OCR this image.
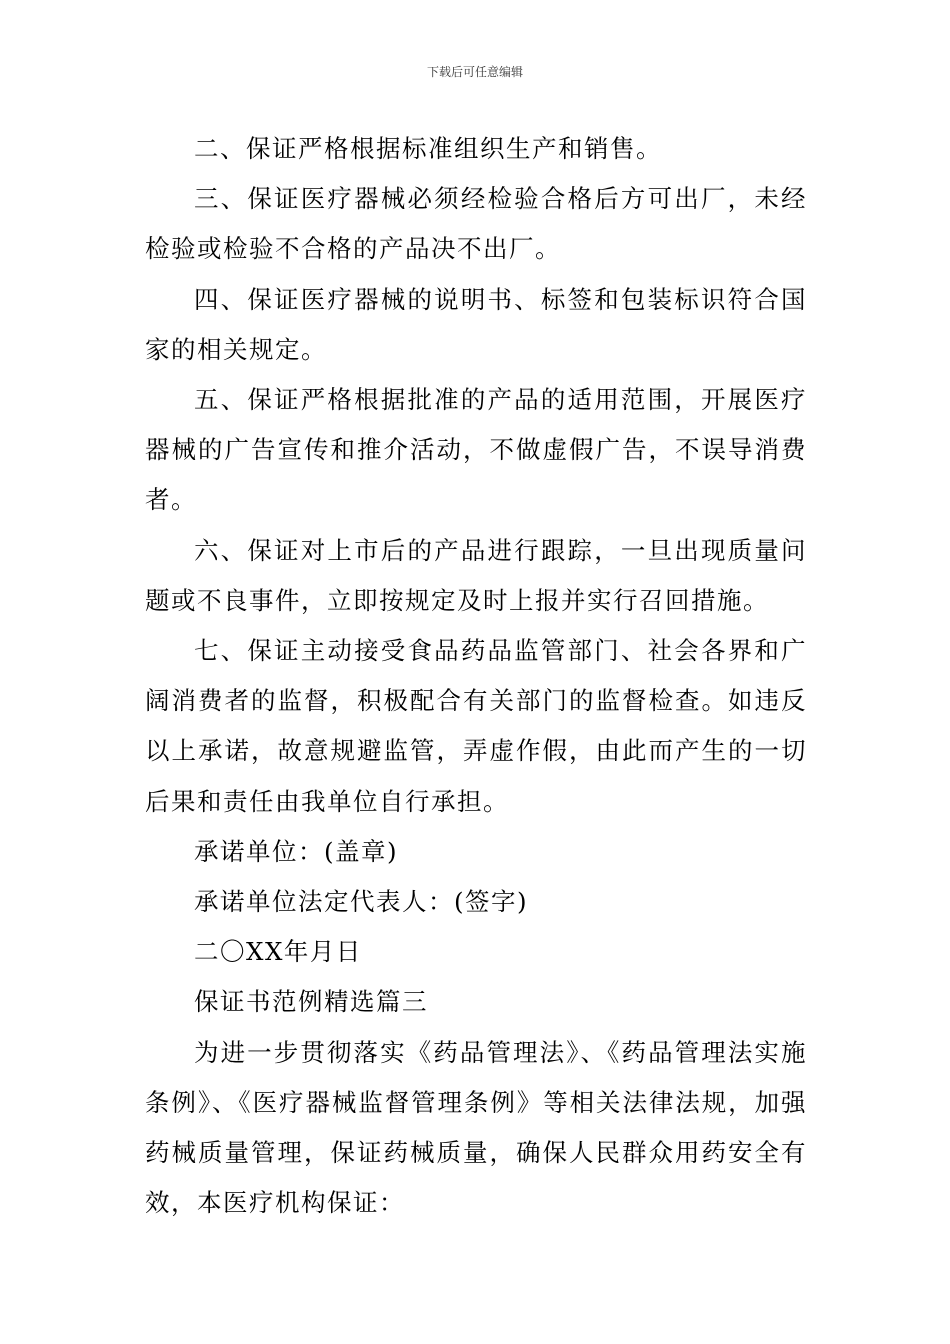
下载后可任意编辑

二、保证严格根据标准组织生产和销售。

三、保证医疗器械必须经检验合格后方可出厂，未经检验或检验不合格的产品决不出厂。

四、保证医疗器械的说明书、标签和包装标识符合国家的相关规定。

五、保证严格根据批准的产品的适用范围，开展医疗器械的广告宣传和推介活动，不做虚假广告，不误导消费者。

六、保证对上市后的产品进行跟踪，一旦出现质量问题或不良事件，立即按规定及时上报并实行召回措施。

七、保证主动接受食品药品监管部门、社会各界和广阔消费者的监督，积极配合有关部门的监督检查。如违反以上承诺，故意规避监管，弄虚作假，由此而产生的一切后果和责任由我单位自行承担。

承诺单位：(盖章)

承诺单位法定代表人：(签字)

二〇XX年月日

保证书范例精选篇三

为进一步贯彻落实《药品管理法》、《药品管理法实施条例》、《医疗器械监督管理条例》等相关法律法规，加强药械质量管理，保证药械质量，确保人民群众用药安全有效，本医疗机构保证：
